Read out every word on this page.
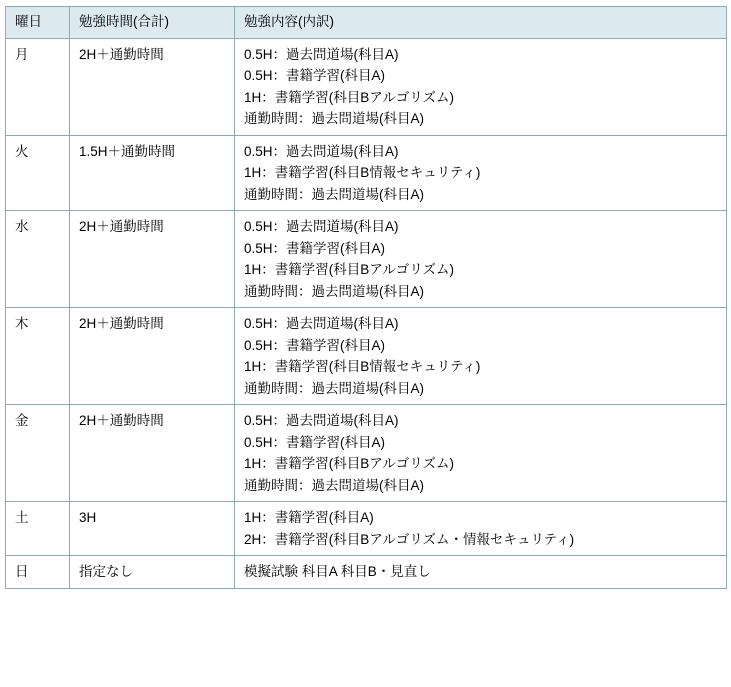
曜日	勉強時間(合計)	勉強内容(内訳)
月	2H＋通勤時間	0.5H：過去問道場(科目A)
0.5H：書籍学習(科目A)
1H：書籍学習(科目Bアルゴリズム)
通勤時間：過去問道場(科目A)

火	1.5H＋通勤時間	0.5H：過去問道場(科目A)
1H：書籍学習(科目B情報セキュリティ)
通勤時間：過去問道場(科目A)

水	2H＋通勤時間	0.5H：過去問道場(科目A)
0.5H：書籍学習(科目A)
1H：書籍学習(科目Bアルゴリズム)
通勤時間：過去問道場(科目A)

木	2H＋通勤時間	0.5H：過去問道場(科目A)
0.5H：書籍学習(科目A)
1H：書籍学習(科目B情報セキュリティ)
通勤時間：過去問道場(科目A)

金	2H＋通勤時間	0.5H：過去問道場(科目A)
0.5H：書籍学習(科目A)
1H：書籍学習(科目Bアルゴリズム)
通勤時間：過去問道場(科目A)

土	3H	1H：書籍学習(科目A)
2H：書籍学習(科目Bアルゴリズム・情報セキュリティ)

日	指定なし	模擬試験 科目A 科目B・見直し
